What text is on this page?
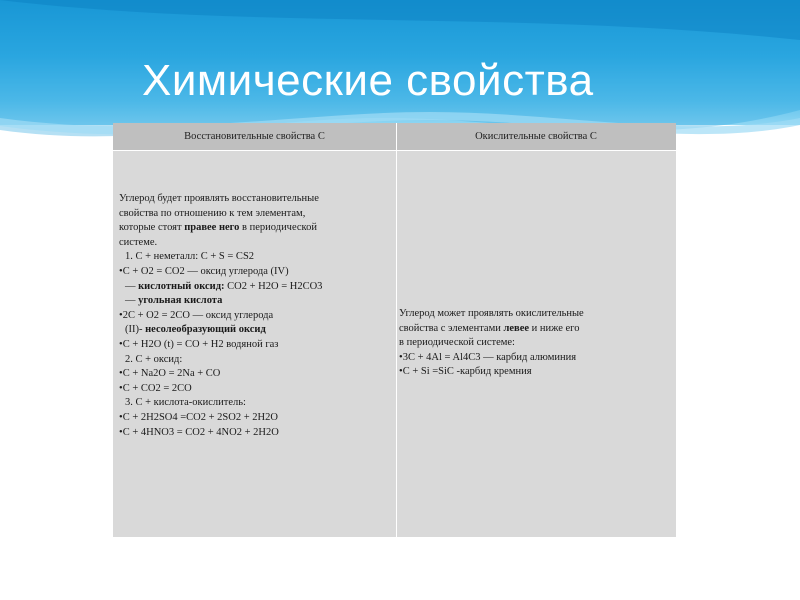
Химические свойства
Восстановительные свойства С	Окислительные свойства С
Углерод будет проявлять восстановительные
свойства по отношению к тем элементам,
которые стоят правее него в периодической
системе.
1. С + неметалл: С + S = CS2
• С + O2 = CO2 — оксид углерода (IV)
— кислотный оксид: СO2 + H2O = H2CO3
— угольная кислота
• 2С + O2 = 2СO — оксид углерода
(II)- несолеобразующий оксид
• С + H2O (t) = CO + H2 водяной газ
2. С + оксид:
• С + Na2O = 2Na + CO
• С + CO2 = 2CO
3. С + кислота-окислитель:
• С + 2H2SO4 =CO2 + 2SO2 + 2H2O
• С + 4HNO3 = CO2 + 4NO2 + 2H2O
Углерод может проявлять окислительные
свойства с элементами левее и ниже его
в периодической системе:
• 3С + 4Al = Al4C3 — карбид алюминия
• С + Si =SiC -карбид кремния
